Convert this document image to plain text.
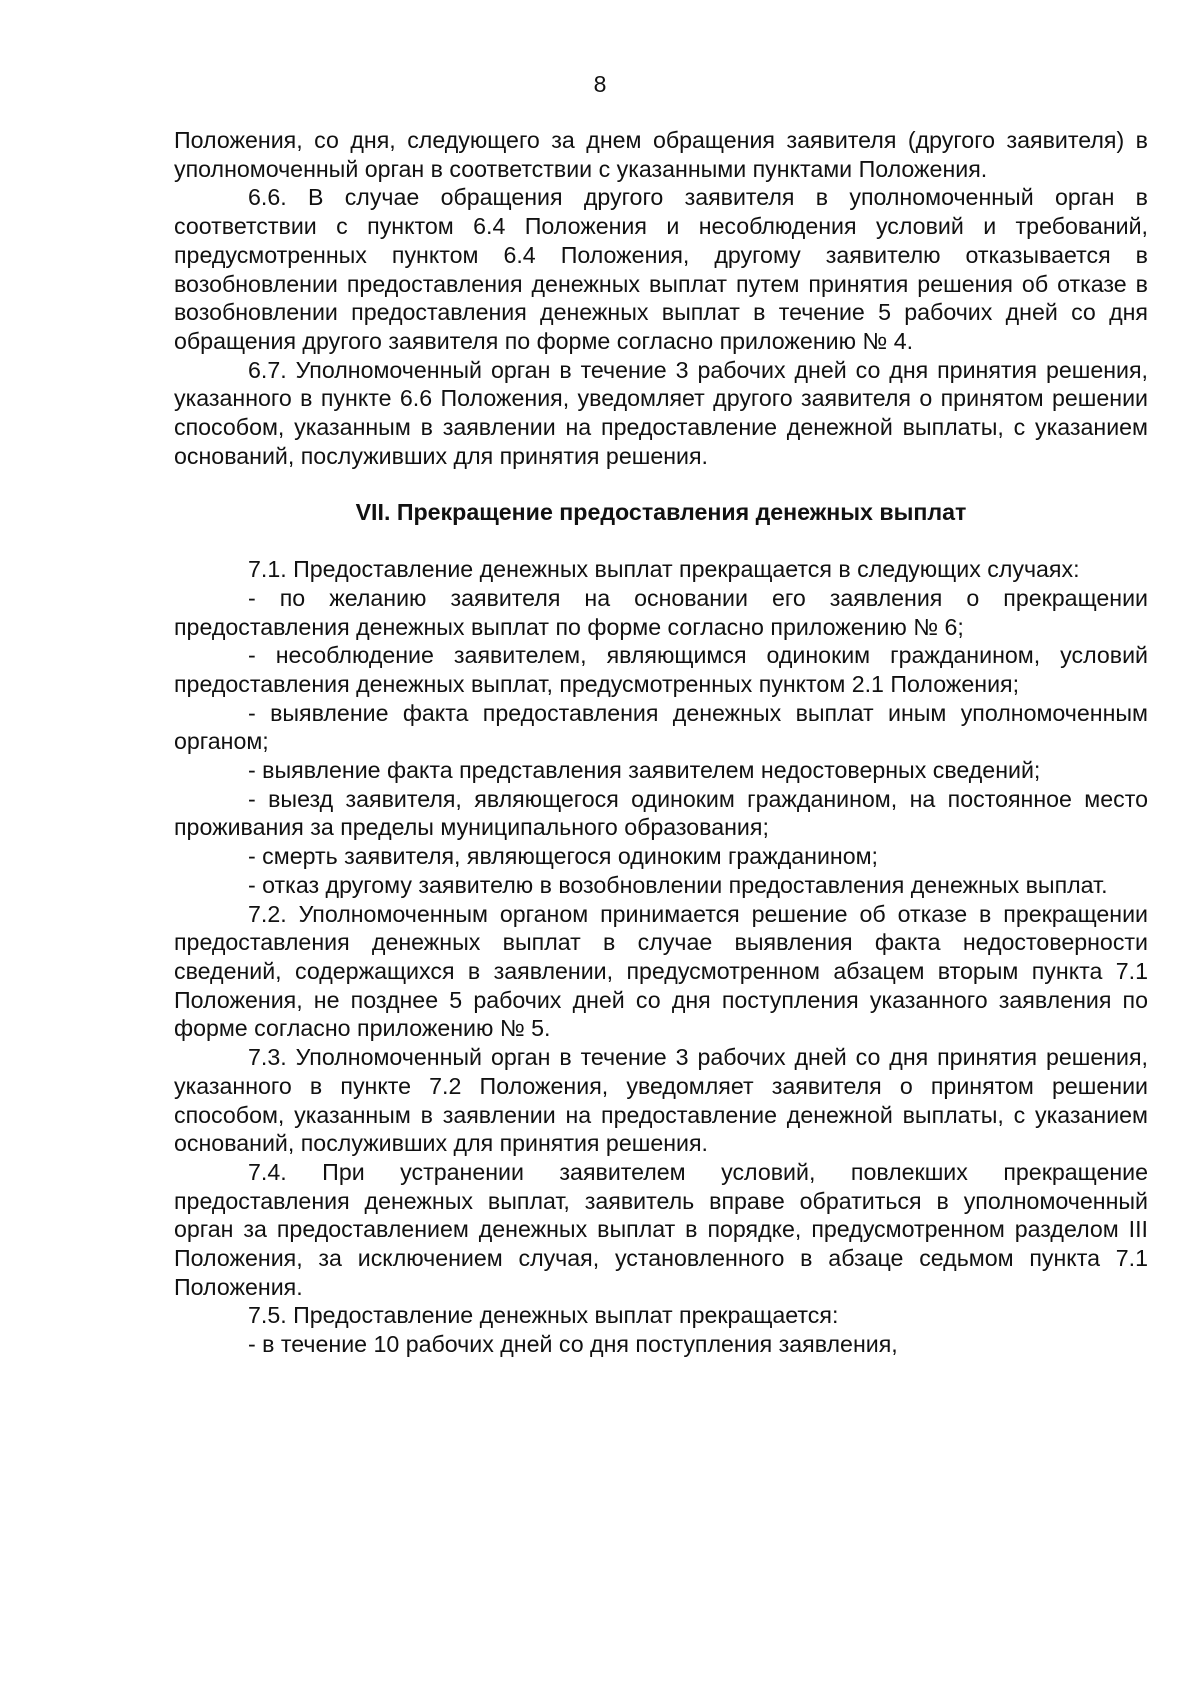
8

Положения, со дня, следующего за днем обращения заявителя (другого заявителя) в уполномоченный орган в соответствии с указанными пунктами Положения.

6.6. В случае обращения другого заявителя в уполномоченный орган в соответствии с пунктом 6.4 Положения и несоблюдения условий и требований, предусмотренных пунктом 6.4 Положения, другому заявителю отказывается в возобновлении предоставления денежных выплат путем принятия решения об отказе в возобновлении предоставления денежных выплат в течение 5 рабочих дней со дня обращения другого заявителя по форме согласно приложению № 4.

6.7. Уполномоченный орган в течение 3 рабочих дней со дня принятия решения, указанного в пункте 6.6 Положения, уведомляет другого заявителя о принятом решении способом, указанным в заявлении на предоставление денежной выплаты, с указанием оснований, послуживших для принятия решения.

VII. Прекращение предоставления денежных выплат

7.1. Предоставление денежных выплат прекращается в следующих случаях:

- по желанию заявителя на основании его заявления о прекращении предоставления денежных выплат по форме согласно приложению № 6;

- несоблюдение заявителем, являющимся одиноким гражданином, условий предоставления денежных выплат, предусмотренных пунктом 2.1 Положения;

- выявление факта предоставления денежных выплат иным уполномоченным органом;

- выявление факта представления заявителем недостоверных сведений;

- выезд заявителя, являющегося одиноким гражданином, на постоянное место проживания за пределы муниципального образования;

- смерть заявителя, являющегося одиноким гражданином;

- отказ другому заявителю в возобновлении предоставления денежных выплат.

7.2. Уполномоченным органом принимается решение об отказе в прекращении предоставления денежных выплат в случае выявления факта недостоверности сведений, содержащихся в заявлении, предусмотренном абзацем вторым пункта 7.1 Положения, не позднее 5 рабочих дней со дня поступления указанного заявления по форме согласно приложению № 5.

7.3. Уполномоченный орган в течение 3 рабочих дней со дня принятия решения, указанного в пункте 7.2 Положения, уведомляет заявителя о принятом решении способом, указанным в заявлении на предоставление денежной выплаты, с указанием оснований, послуживших для принятия решения.

7.4. При устранении заявителем условий, повлекших прекращение предоставления денежных выплат, заявитель вправе обратиться в уполномоченный орган за предоставлением денежных выплат в порядке, предусмотренном разделом III Положения, за исключением случая, установленного в абзаце седьмом пункта 7.1 Положения.

7.5. Предоставление денежных выплат прекращается:

- в течение 10 рабочих дней со дня поступления заявления,
